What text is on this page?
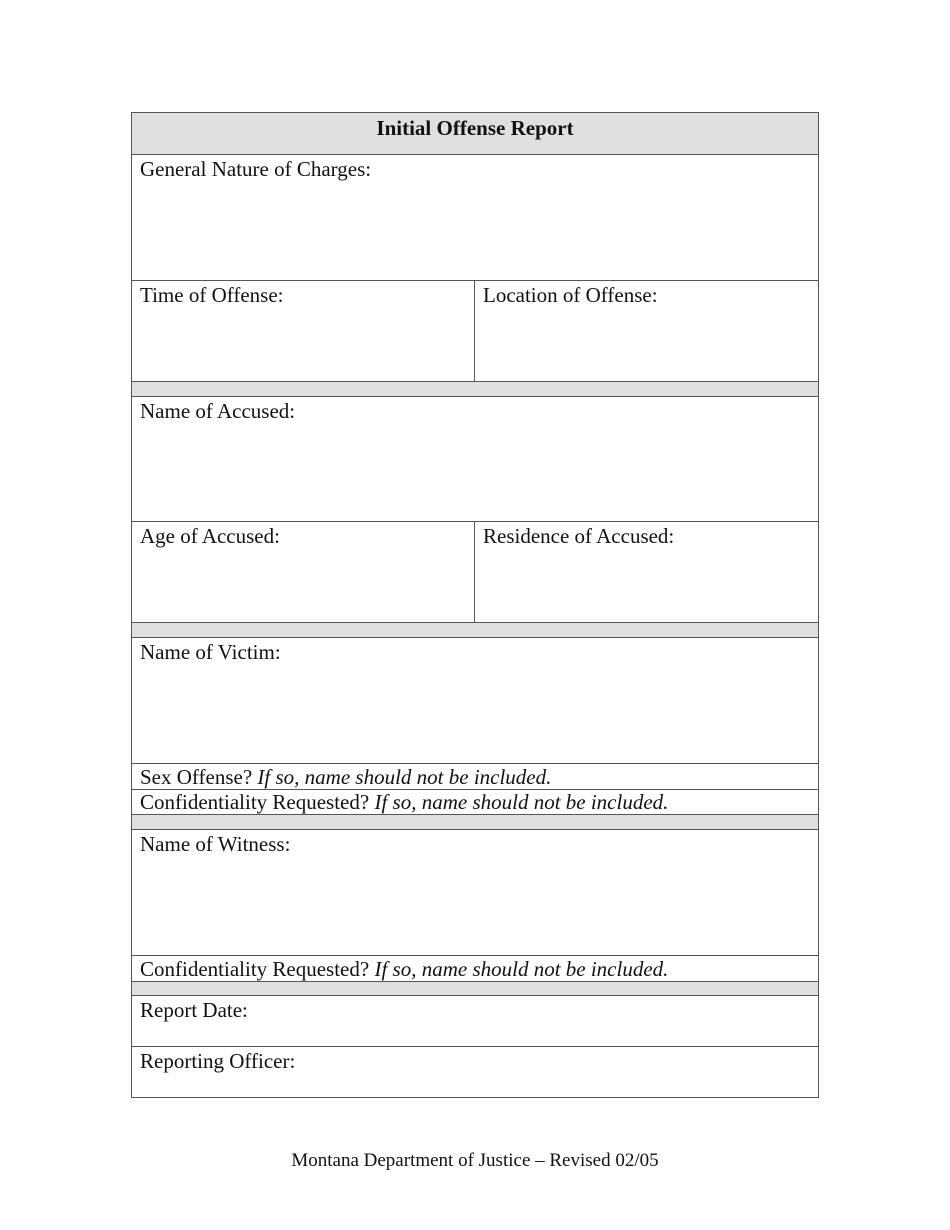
Initial Offense Report
General Nature of Charges:
Time of Offense:	Location of Offense:
Name of Accused:
Age of Accused:	Residence of Accused:
Name of Victim:
Sex Offense? If so, name should not be included.
Confidentiality Requested? If so, name should not be included.
Name of Witness:
Confidentiality Requested? If so, name should not be included.
Report Date:
Reporting Officer:
Montana Department of Justice – Revised 02/05
